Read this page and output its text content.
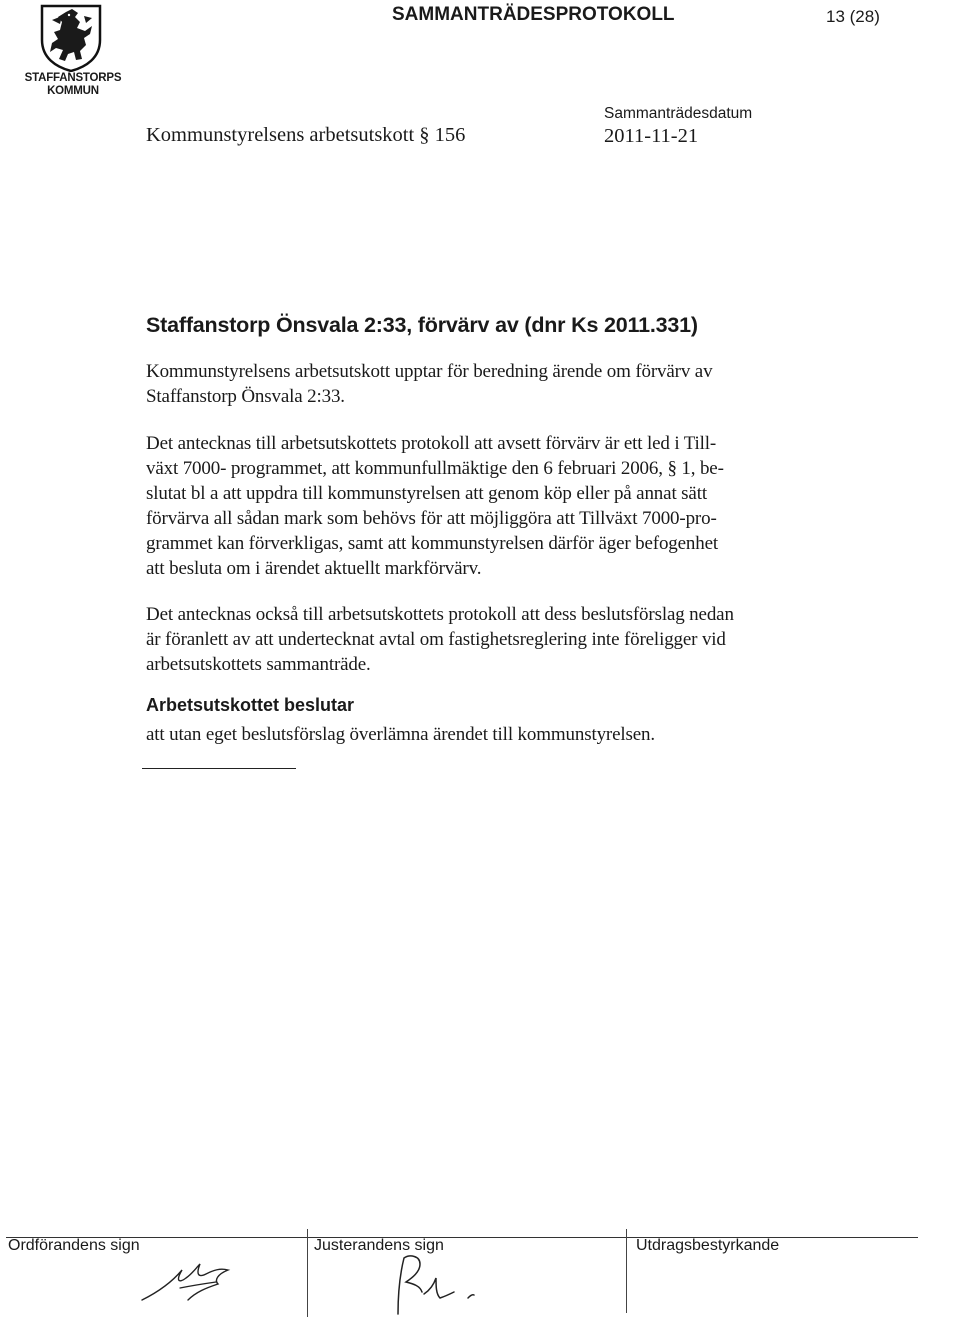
STAFFANSTORPS
KOMMUN
SAMMANTRÄDESPROTOKOLL	13 (28)
Kommunstyrelsens arbetsutskott § 156
Sammanträdesdatum
2011-11-21
Staffanstorp Önsvala 2:33, förvärv av (dnr Ks 2011.331)

Kommunstyrelsens arbetsutskott upptar för beredning ärende om förvärv av
Staffanstorp Önsvala 2:33.

Det antecknas till arbetsutskottets protokoll att avsett förvärv är ett led i Till-
växt 7000- programmet, att kommunfullmäktige den 6 februari 2006, § 1, be-
slutat bl a att uppdra till kommunstyrelsen att genom köp eller på annat sätt
förvärva all sådan mark som behövs för att möjliggöra att Tillväxt 7000-pro-
grammet kan förverkligas, samt att kommunstyrelsen därför äger befogenhet
att besluta om i ärendet aktuellt markförvärv.

Det antecknas också till arbetsutskottets protokoll att dess beslutsförslag nedan
är föranlett av att undertecknat avtal om fastighetsreglering inte föreligger vid
arbetsutskottets sammanträde.

Arbetsutskottet beslutar
att utan eget beslutsförslag överlämna ärendet till kommunstyrelsen.
Ordförandens sign	Justerandens sign	Utdragsbestyrkande
